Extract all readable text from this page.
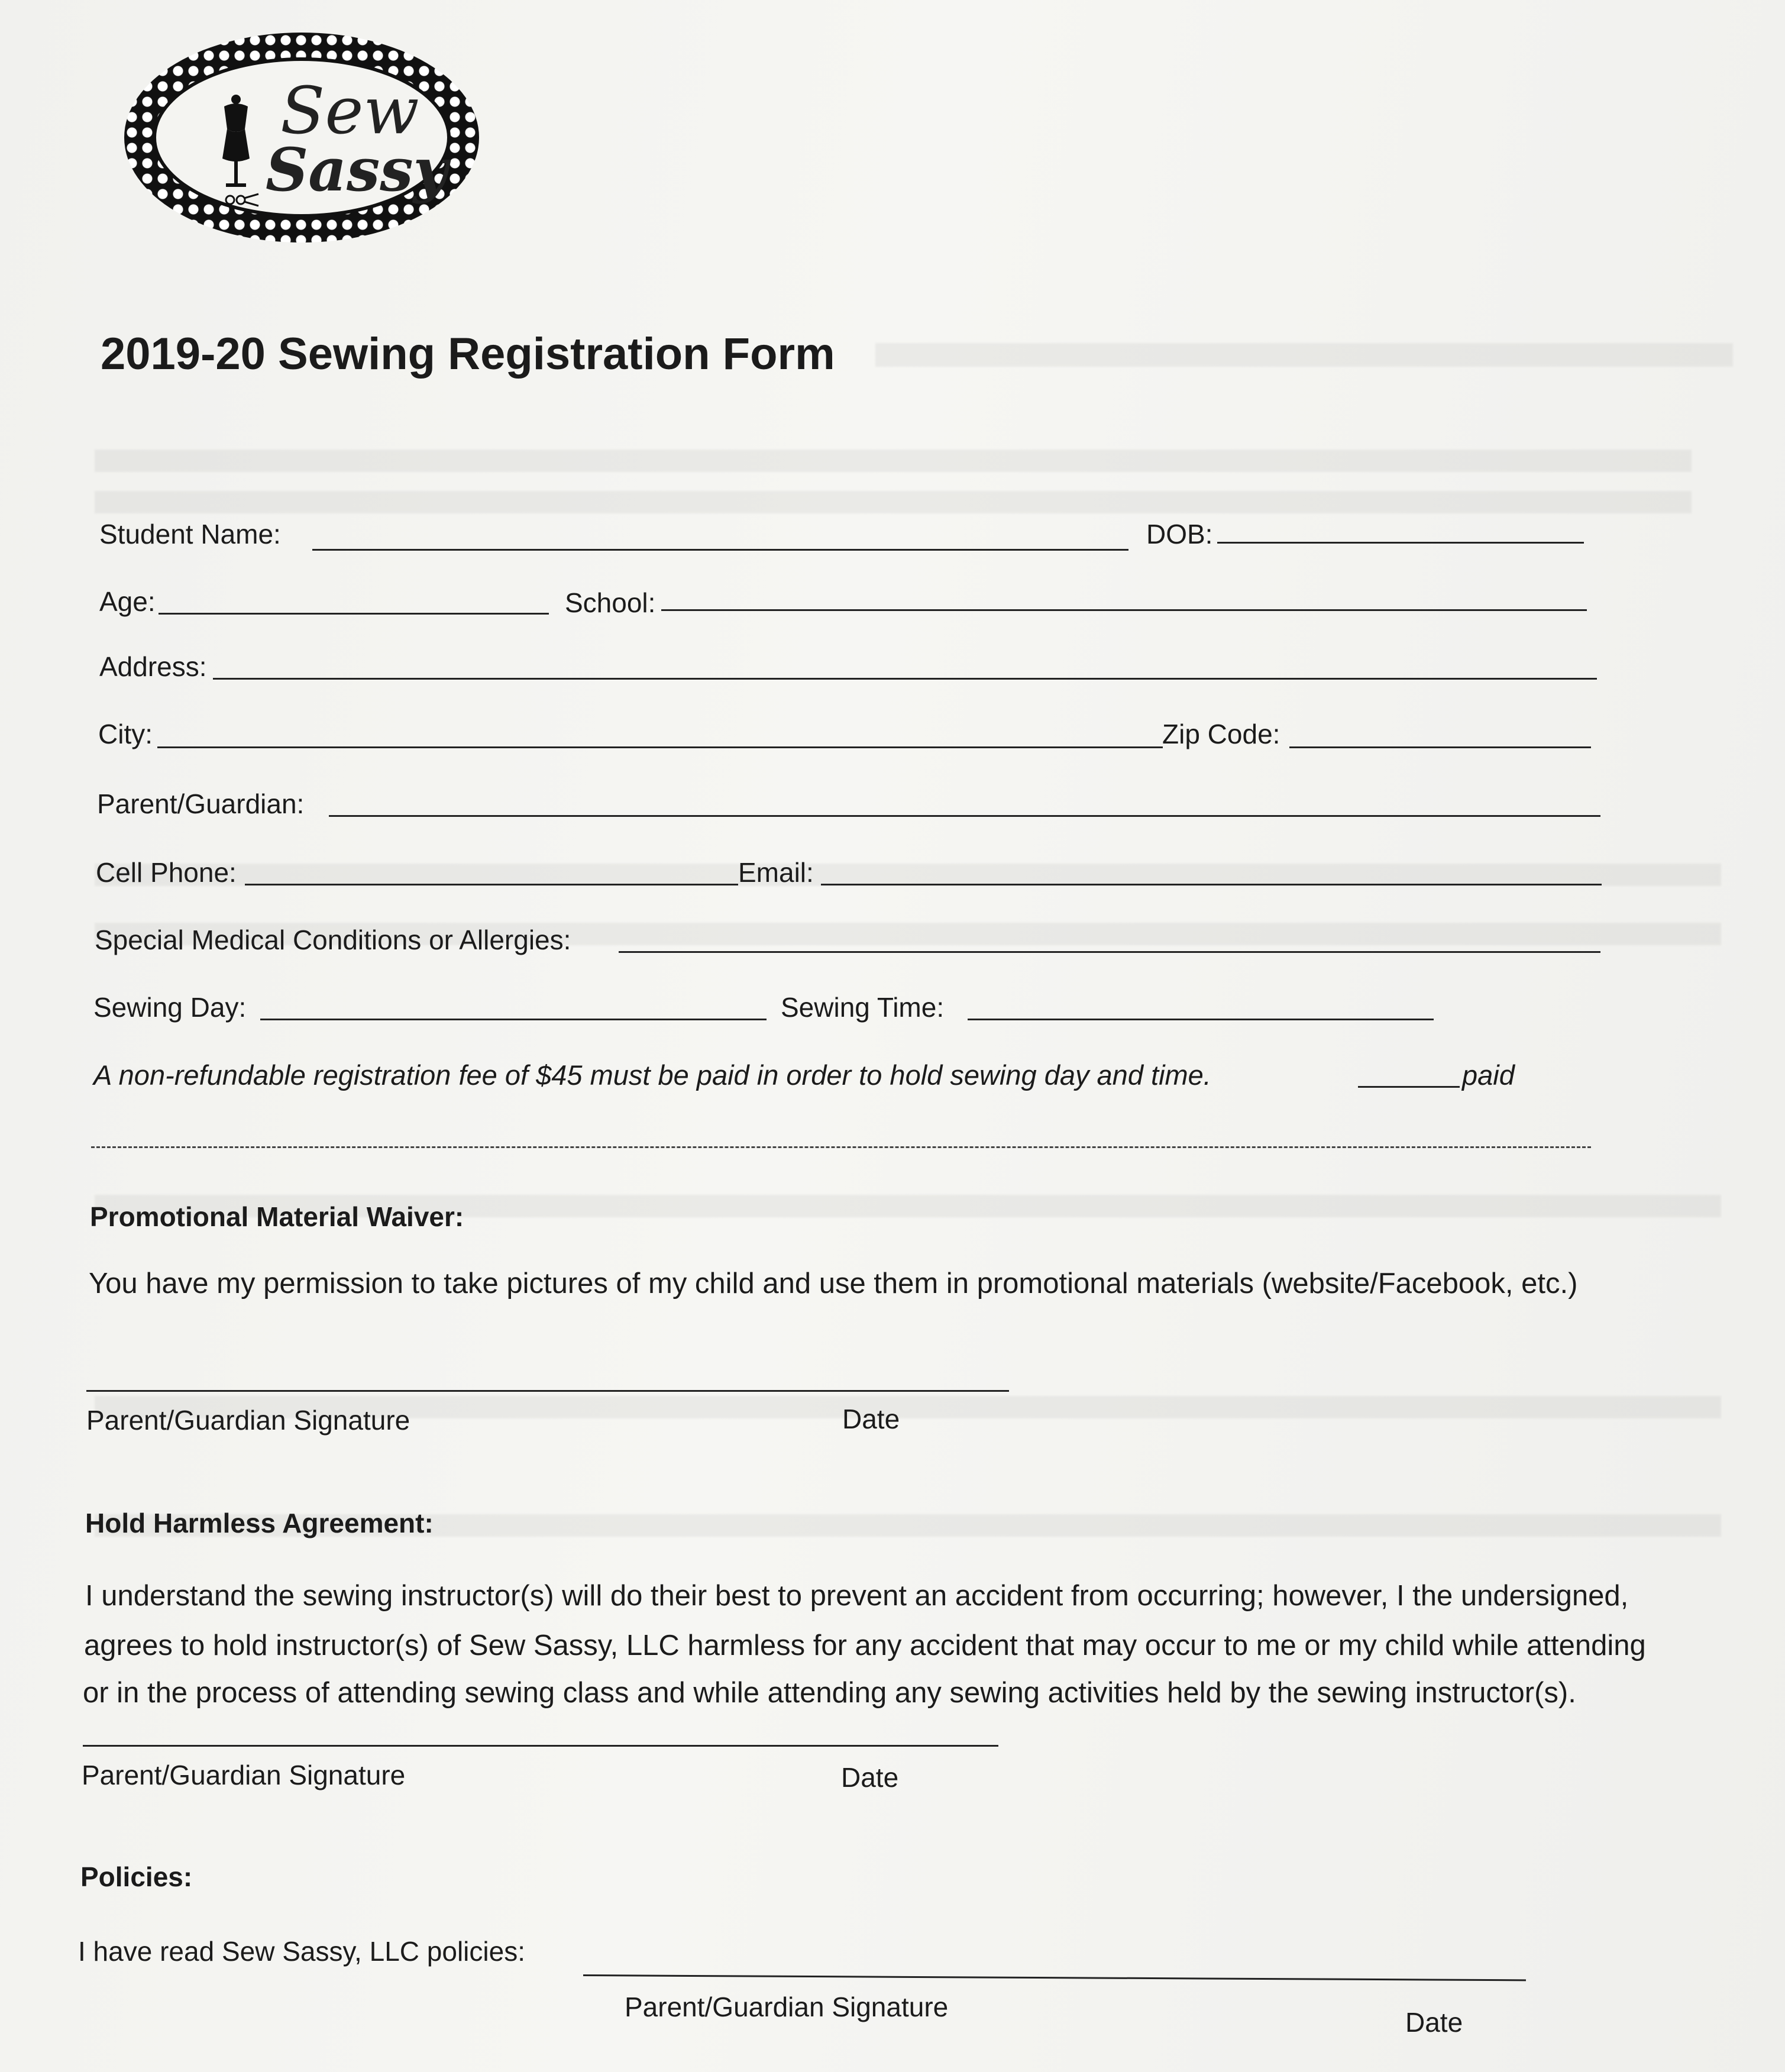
Sew
Sassy
2019-20 Sewing Registration Form
Student Name:	DOB:
Age:	School:
Address:
City:	Zip Code:
Parent/Guardian:
Cell Phone:	Email:
Special Medical Conditions or Allergies:
Sewing Day:	Sewing Time:
A non-refundable registration fee of $45 must be paid in order to hold sewing day and time.	paid
Promotional Material Waiver:
You have my permission to take pictures of my child and use them in promotional materials (website/Facebook, etc.)
Parent/Guardian Signature	Date
Hold Harmless Agreement:
I understand the sewing instructor(s) will do their best to prevent an accident from occurring; however, I the undersigned,
agrees to hold instructor(s) of Sew Sassy, LLC harmless for any accident that may occur to me or my child while attending
or in the process of attending sewing class and while attending any sewing activities held by the sewing instructor(s).
Parent/Guardian Signature	Date
Policies:
I have read Sew Sassy, LLC policies:
Parent/Guardian Signature	Date
